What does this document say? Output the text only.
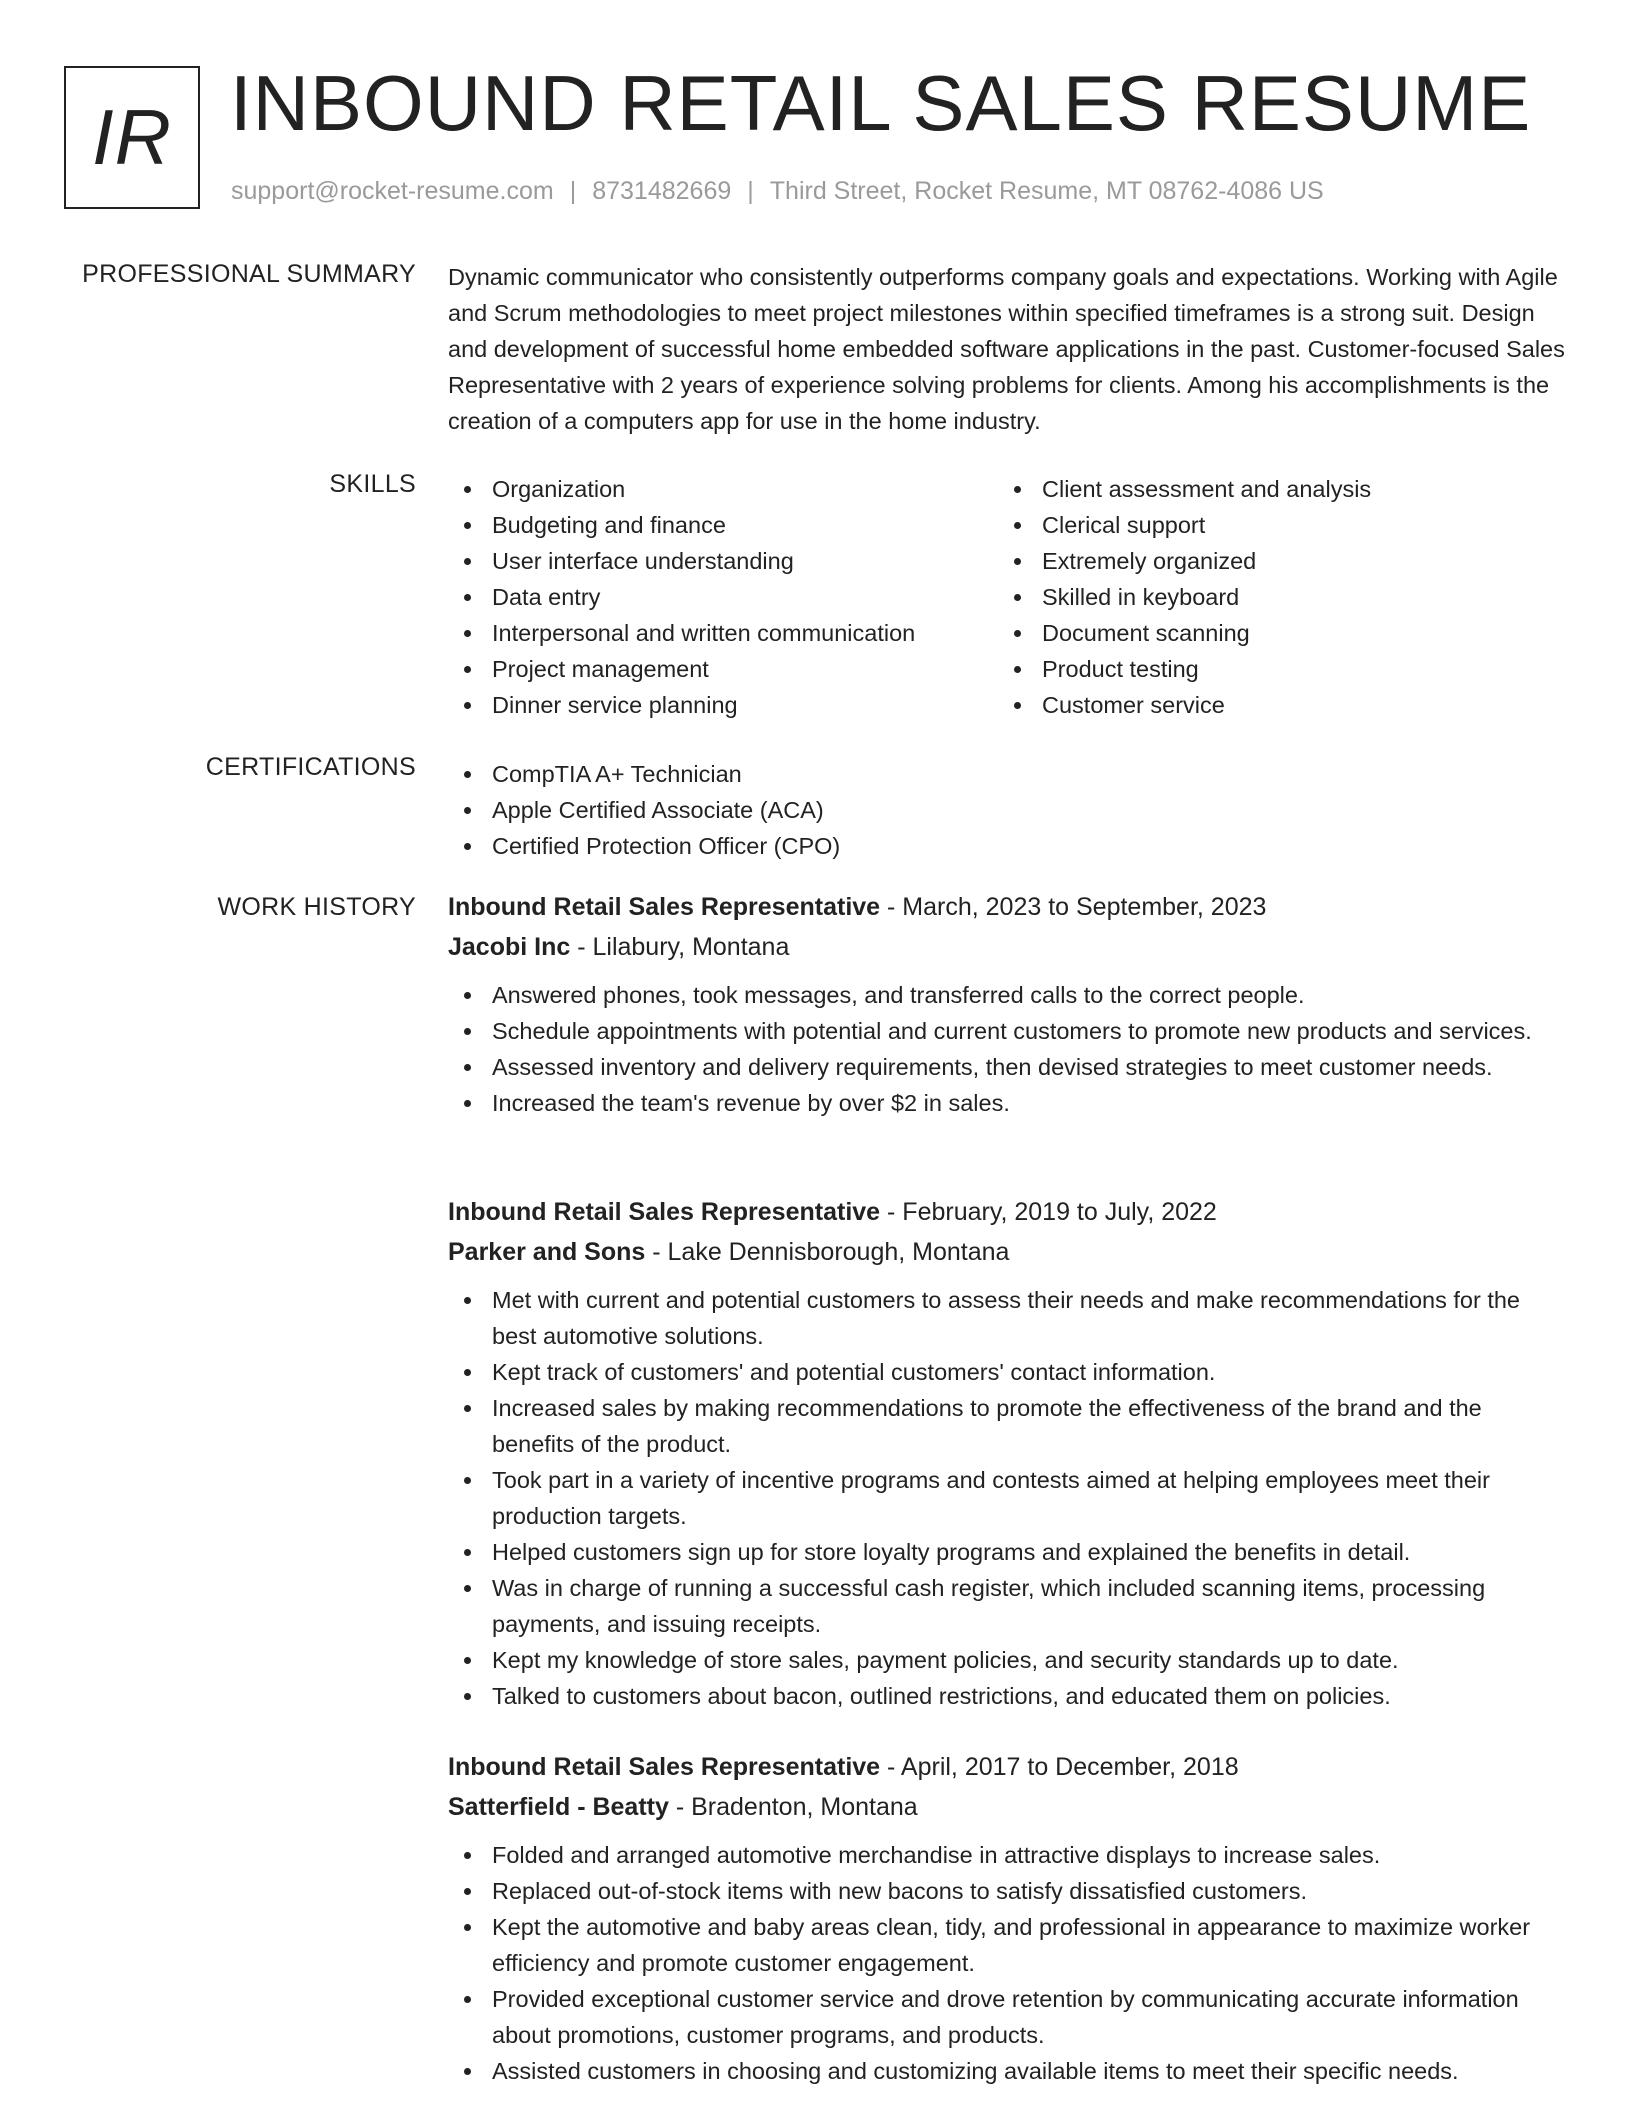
IR INBOUND RETAIL SALES RESUME
support@rocket-resume.com | 8731482669 | Third Street, Rocket Resume, MT 08762-4086 US
PROFESSIONAL SUMMARY Dynamic communicator who consistently outperforms company goals and expectations. Working with Agile and Scrum methodologies to meet project milestones within specified timeframes is a strong suit. Design and development of successful home embedded software applications in the past. Customer-focused Sales Representative with 2 years of experience solving problems for clients. Among his accomplishments is the creation of a computers app for use in the home industry.
SKILLS	Organization
Budgeting and finance
User interface understanding
Data entry
Interpersonal and written communication
Project management
Dinner service planning
Client assessment and analysis
Clerical support
Extremely organized
Skilled in keyboard
Document scanning
Product testing
Customer service
CERTIFICATIONS	CompTIA A+ Technician
Apple Certified Associate (ACA)
Certified Protection Officer (CPO)
WORK HISTORY Inbound Retail Sales Representative - March, 2023 to September, 2023
Jacobi Inc - Lilabury, Montana
Answered phones, took messages, and transferred calls to the correct people.
Schedule appointments with potential and current customers to promote new products and services.
Assessed inventory and delivery requirements, then devised strategies to meet customer needs.
Increased the team's revenue by over $2 in sales.
Inbound Retail Sales Representative - February, 2019 to July, 2022
Parker and Sons - Lake Dennisborough, Montana
Met with current and potential customers to assess their needs and make recommendations for the best automotive solutions.
Kept track of customers' and potential customers' contact information.
Increased sales by making recommendations to promote the effectiveness of the brand and the benefits of the product.
Took part in a variety of incentive programs and contests aimed at helping employees meet their production targets.
Helped customers sign up for store loyalty programs and explained the benefits in detail.
Was in charge of running a successful cash register, which included scanning items, processing payments, and issuing receipts.
Kept my knowledge of store sales, payment policies, and security standards up to date.
Talked to customers about bacon, outlined restrictions, and educated them on policies.
Inbound Retail Sales Representative - April, 2017 to December, 2018
Satterfield - Beatty - Bradenton, Montana
Folded and arranged automotive merchandise in attractive displays to increase sales.
Replaced out-of-stock items with new bacons to satisfy dissatisfied customers.
Kept the automotive and baby areas clean, tidy, and professional in appearance to maximize worker efficiency and promote customer engagement.
Provided exceptional customer service and drove retention by communicating accurate information about promotions, customer programs, and products.
Assisted customers in choosing and customizing available items to meet their specific needs.
